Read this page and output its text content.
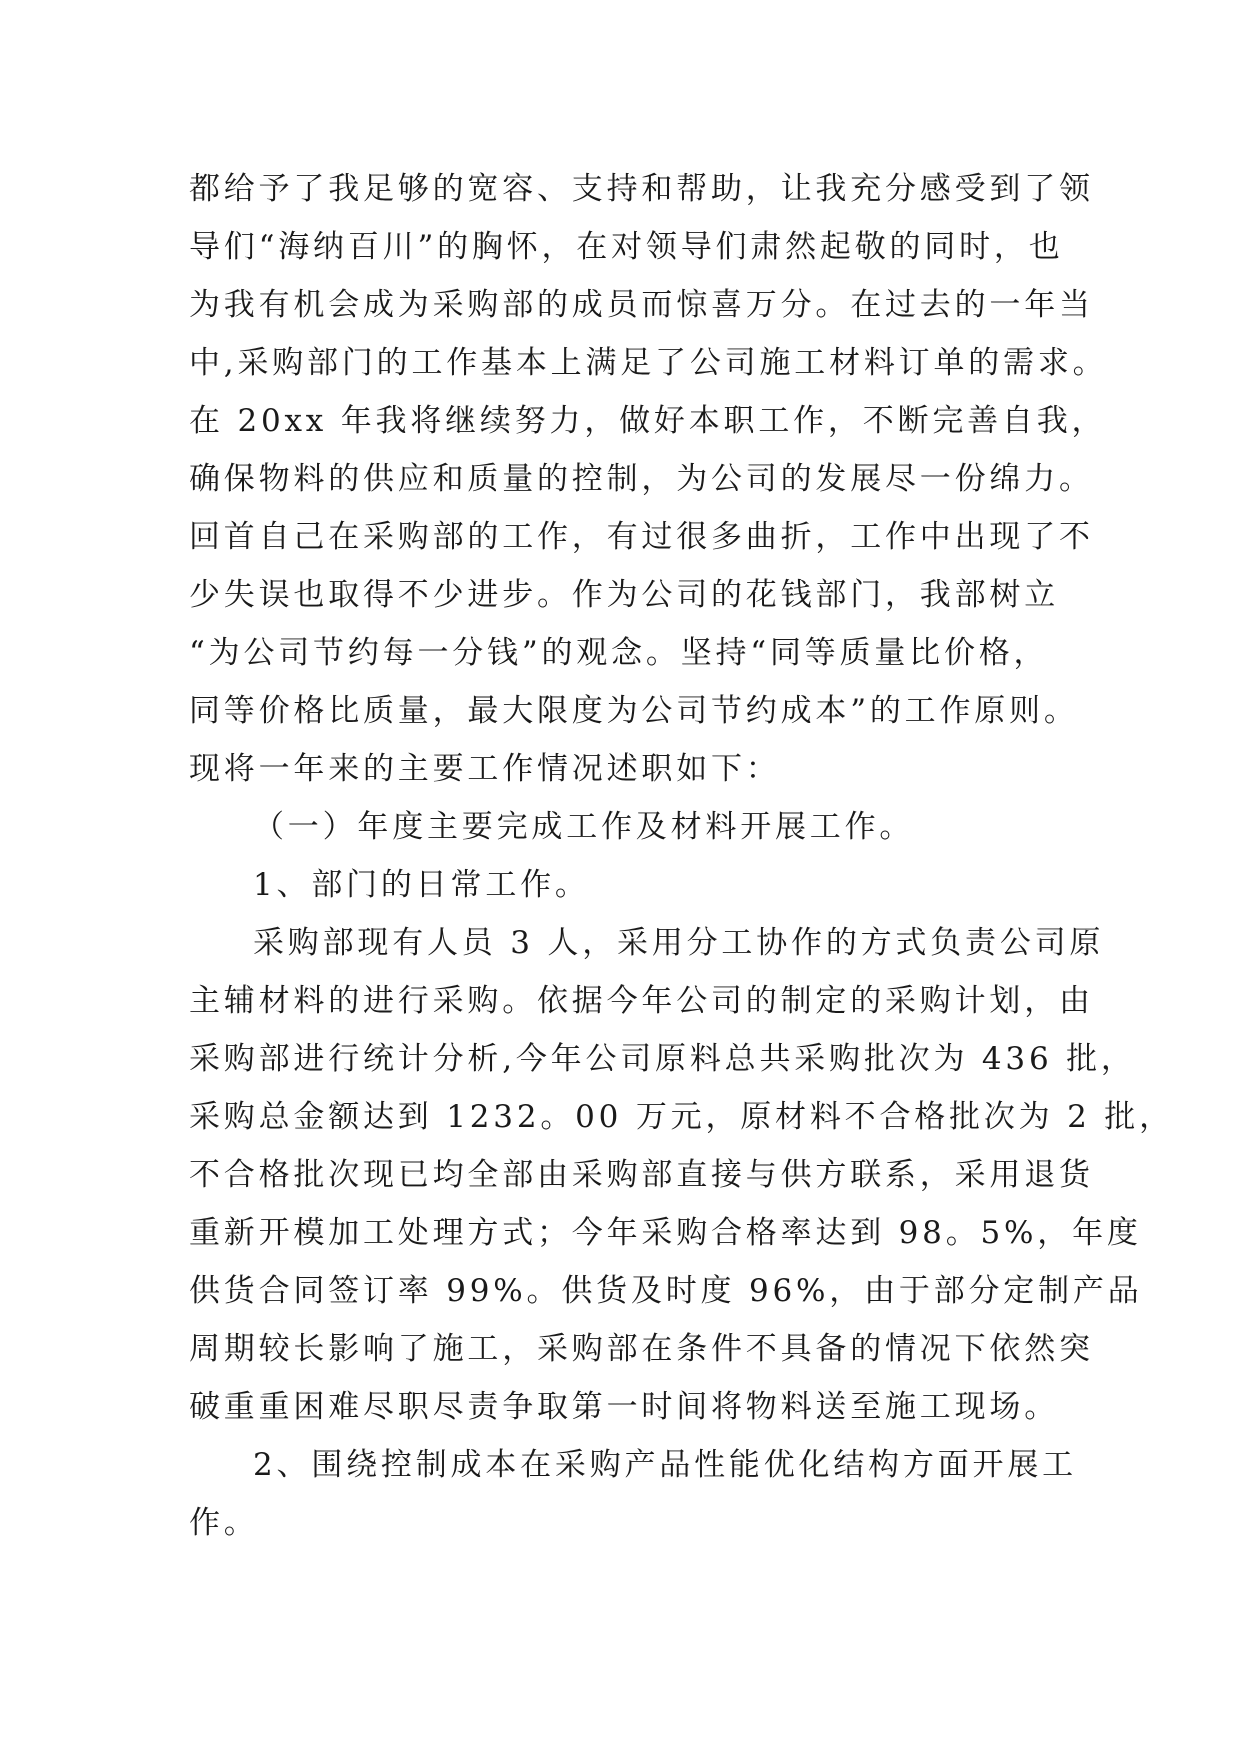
都给予了我足够的宽容、支持和帮助，让我充分感受到了领
导们“海纳百川”的胸怀，在对领导们肃然起敬的同时，也
为我有机会成为采购部的成员而惊喜万分。在过去的一年当
中,采购部门的工作基本上满足了公司施工材料订单的需求。
在 20xx 年我将继续努力，做好本职工作，不断完善自我，
确保物料的供应和质量的控制，为公司的发展尽一份绵力。
回首自己在采购部的工作，有过很多曲折，工作中出现了不
少失误也取得不少进步。作为公司的花钱部门，我部树立
“为公司节约每一分钱”的观念。坚持“同等质量比价格，
同等价格比质量，最大限度为公司节约成本”的工作原则。
现将一年来的主要工作情况述职如下：
（一）年度主要完成工作及材料开展工作。
1、部门的日常工作。
采购部现有人员 3 人，采用分工协作的方式负责公司原
主辅材料的进行采购。依据今年公司的制定的采购计划，由
采购部进行统计分析,今年公司原料总共采购批次为 436 批，
采购总金额达到 1232。00 万元，原材料不合格批次为 2 批，
不合格批次现已均全部由采购部直接与供方联系，采用退货
重新开模加工处理方式；今年采购合格率达到 98。5%，年度
供货合同签订率 99%。供货及时度 96%，由于部分定制产品
周期较长影响了施工，采购部在条件不具备的情况下依然突
破重重困难尽职尽责争取第一时间将物料送至施工现场。
2、围绕控制成本在采购产品性能优化结构方面开展工
作。
